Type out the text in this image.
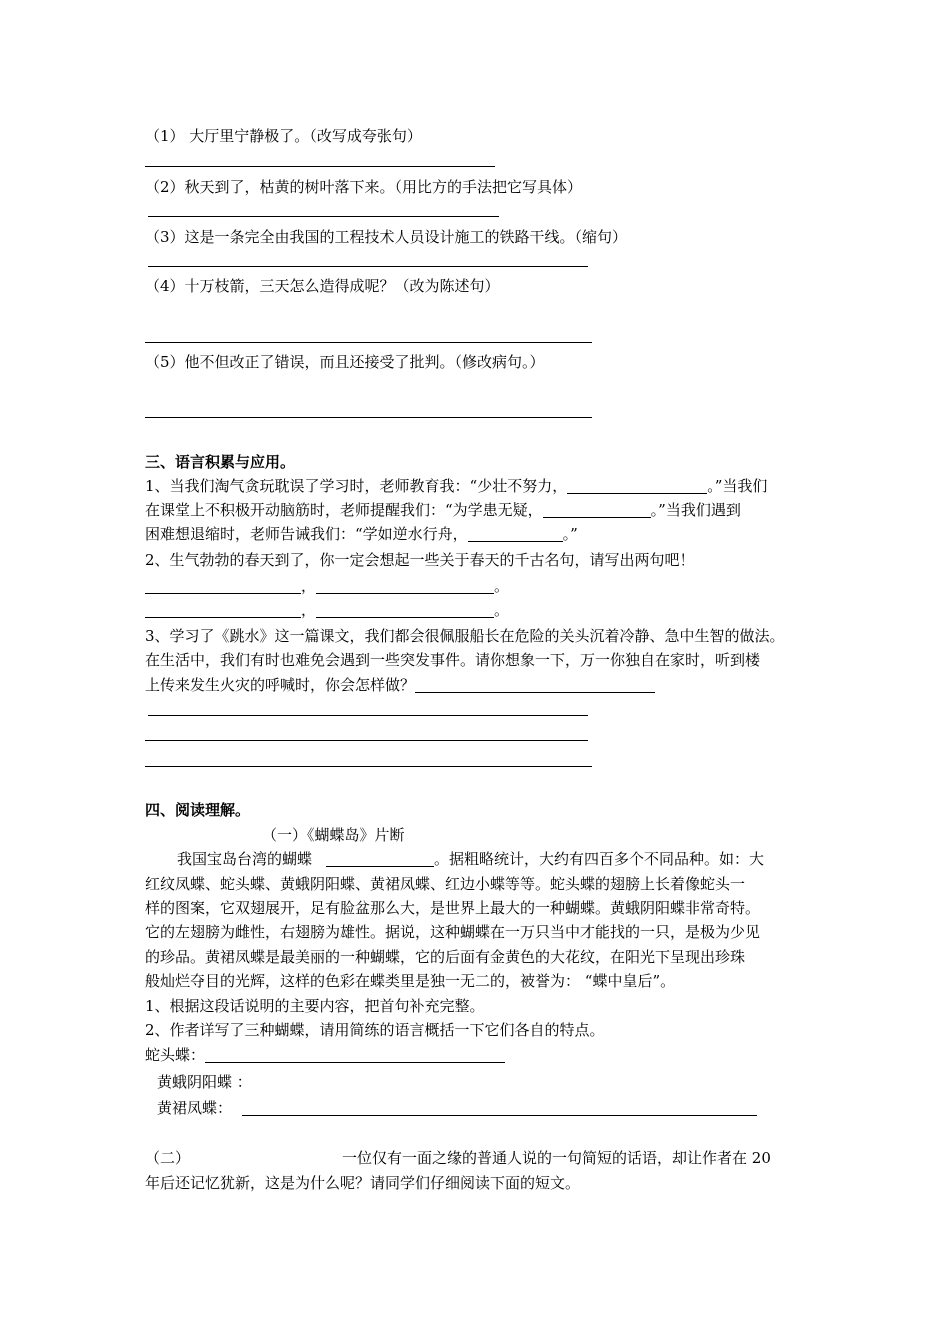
（1） 大厅里宁静极了。（改写成夸张句）
（2）秋天到了，枯黄的树叶落下来。（用比方的手法把它写具体）
（3）这是一条完全由我国的工程技术人员设计施工的铁路干线。（缩句）
（4）十万枝箭，三天怎么造得成呢？（改为陈述句）
（5）他不但改正了错误，而且还接受了批判。（修改病句。）
三、语言积累与应用。
1、当我们淘气贪玩耽误了学习时，老师教育我：“少壮不努力，	。”当我们
在课堂上不积极开动脑筋时，老师提醒我们：“为学患无疑，	。”当我们遇到
困难想退缩时，老师告诫我们：“学如逆水行舟，	。”
2、生气勃勃的春天到了，你一定会想起一些关于春天的千古名句，请写出两句吧！
，	。
，	。
3、学习了《跳水》这一篇课文，我们都会很佩服船长在危险的关头沉着冷静、急中生智的做法。
在生活中，我们有时也难免会遇到一些突发事件。请你想象一下，万一你独自在家时，听到楼
上传来发生火灾的呼喊时，你会怎样做？
四、阅读理解。
（一）《蝴蝶岛》片断
我国宝岛台湾的蝴蝶	。据粗略统计，大约有四百多个不同品种。如：大
红纹凤蝶、蛇头蝶、黄蛾阴阳蝶、黄裙凤蝶、红边小蝶等等。蛇头蝶的翅膀上长着像蛇头一
样的图案，它双翅展开，足有脸盆那么大，是世界上最大的一种蝴蝶。黄蛾阴阳蝶非常奇特。
它的左翅膀为雌性，右翅膀为雄性。据说，这种蝴蝶在一万只当中才能找的一只，是极为少见
的珍品。黄裙凤蝶是最美丽的一种蝴蝶，它的后面有金黄色的大花纹，在阳光下呈现出珍珠
般灿烂夺目的光辉，这样的色彩在蝶类里是独一无二的，被誉为： “蝶中皇后”。
1、根据这段话说明的主要内容，把首句补充完整。
2、作者详写了三种蝴蝶，请用简练的语言概括一下它们各自的特点。
蛇头蝶：
黄蛾阴阳蝶 ：
黄裙凤蝶：
（二）	一位仅有一面之缘的普通人说的一句简短的话语，却让作者在 20
年后还记忆犹新，这是为什么呢？请同学们仔细阅读下面的短文。
